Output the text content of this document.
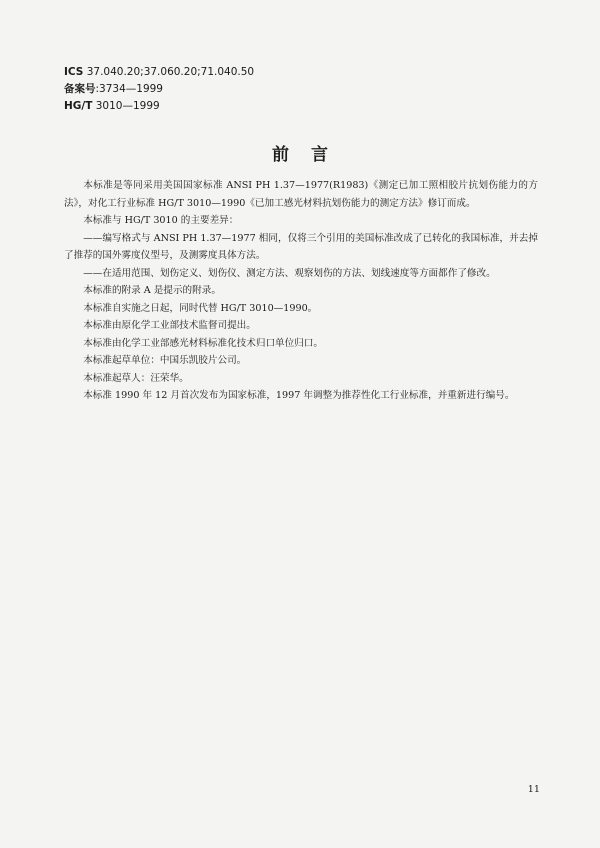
ICS 37.040.20;37.060.20;71.040.50
备案号:3734—1999
HG/T 3010—1999
前言

本标准是等同采用美国国家标准 ANSI PH 1.37—1977(R1983)《测定已加工照相胶片抗划伤能力的方法》，对化工行业标准 HG/T 3010—1990《已加工感光材料抗划伤能力的测定方法》修订而成。

本标准与 HG/T 3010 的主要差异：

——编写格式与 ANSI PH 1.37—1977 相同，仅将三个引用的美国标准改成了已转化的我国标准，并去掉了推荐的国外雾度仪型号，及测雾度具体方法。

——在适用范围、划伤定义、划伤仪、测定方法、观察划伤的方法、划线速度等方面都作了修改。

本标准的附录 A 是提示的附录。

本标准自实施之日起，同时代替 HG/T 3010—1990。

本标准由原化学工业部技术监督司提出。

本标准由化学工业部感光材料标准化技术归口单位归口。

本标准起草单位：中国乐凯胶片公司。

本标准起草人：汪荣华。

本标准 1990 年 12 月首次发布为国家标准，1997 年调整为推荐性化工行业标准，并重新进行编号。

11
